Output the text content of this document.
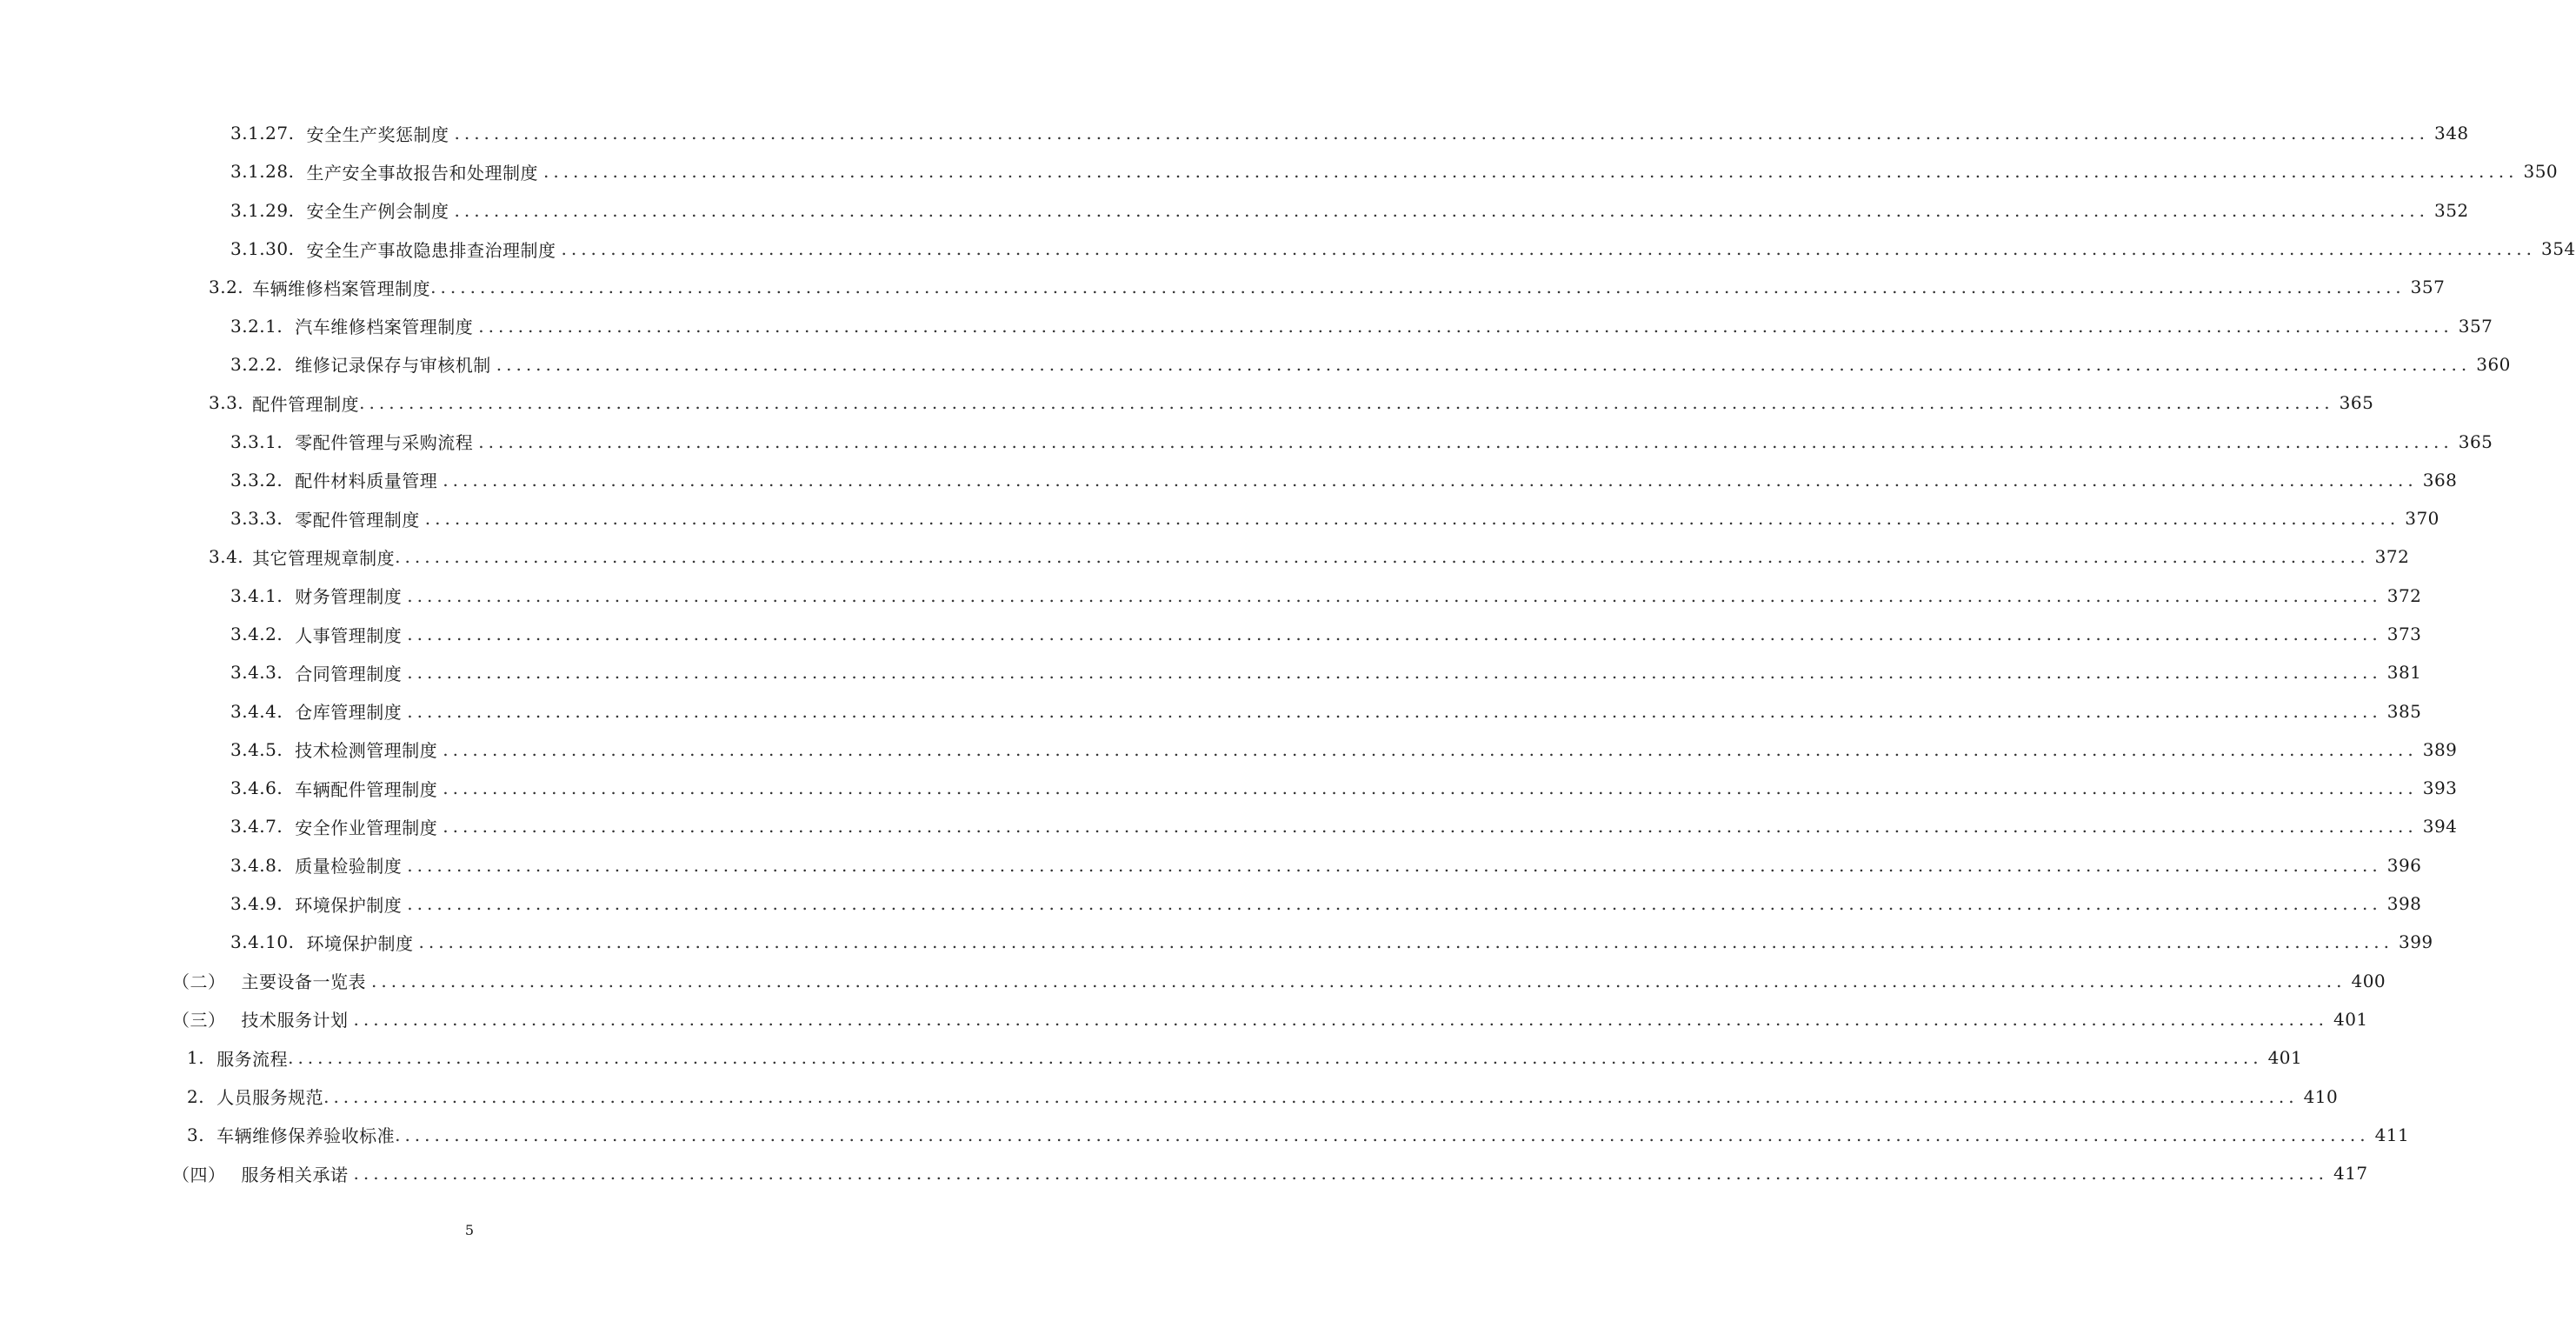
3.1.27. 安全生产奖惩制度 ........................................................................................................................................................................................................ 348
3.1.28. 生产安全事故报告和处理制度 ........................................................................................................................................................................................................ 350
3.1.29. 安全生产例会制度 ........................................................................................................................................................................................................ 352
3.1.30. 安全生产事故隐患排查治理制度 ........................................................................................................................................................................................................ 354
3.2. 车辆维修档案管理制度 ........................................................................................................................................................................................................ 357
3.2.1. 汽车维修档案管理制度 ........................................................................................................................................................................................................ 357
3.2.2. 维修记录保存与审核机制 ........................................................................................................................................................................................................ 360
3.3. 配件管理制度 ........................................................................................................................................................................................................ 365
3.3.1. 零配件管理与采购流程 ........................................................................................................................................................................................................ 365
3.3.2. 配件材料质量管理 ........................................................................................................................................................................................................ 368
3.3.3. 零配件管理制度 ........................................................................................................................................................................................................ 370
3.4. 其它管理规章制度 ........................................................................................................................................................................................................ 372
3.4.1. 财务管理制度 ........................................................................................................................................................................................................ 372
3.4.2. 人事管理制度 ........................................................................................................................................................................................................ 373
3.4.3. 合同管理制度 ........................................................................................................................................................................................................ 381
3.4.4. 仓库管理制度 ........................................................................................................................................................................................................ 385
3.4.5. 技术检测管理制度 ........................................................................................................................................................................................................ 389
3.4.6. 车辆配件管理制度 ........................................................................................................................................................................................................ 393
3.4.7. 安全作业管理制度 ........................................................................................................................................................................................................ 394
3.4.8. 质量检验制度 ........................................................................................................................................................................................................ 396
3.4.9. 环境保护制度 ........................................................................................................................................................................................................ 398
3.4.10. 环境保护制度 ........................................................................................................................................................................................................ 399
（二） 主要设备一览表 ........................................................................................................................................................................................................ 400
（三） 技术服务计划 ........................................................................................................................................................................................................ 401
1. 服务流程 ........................................................................................................................................................................................................ 401
2. 人员服务规范 ........................................................................................................................................................................................................ 410
3. 车辆维修保养验收标准 ........................................................................................................................................................................................................ 411
（四） 服务相关承诺 ........................................................................................................................................................................................................ 417
5
